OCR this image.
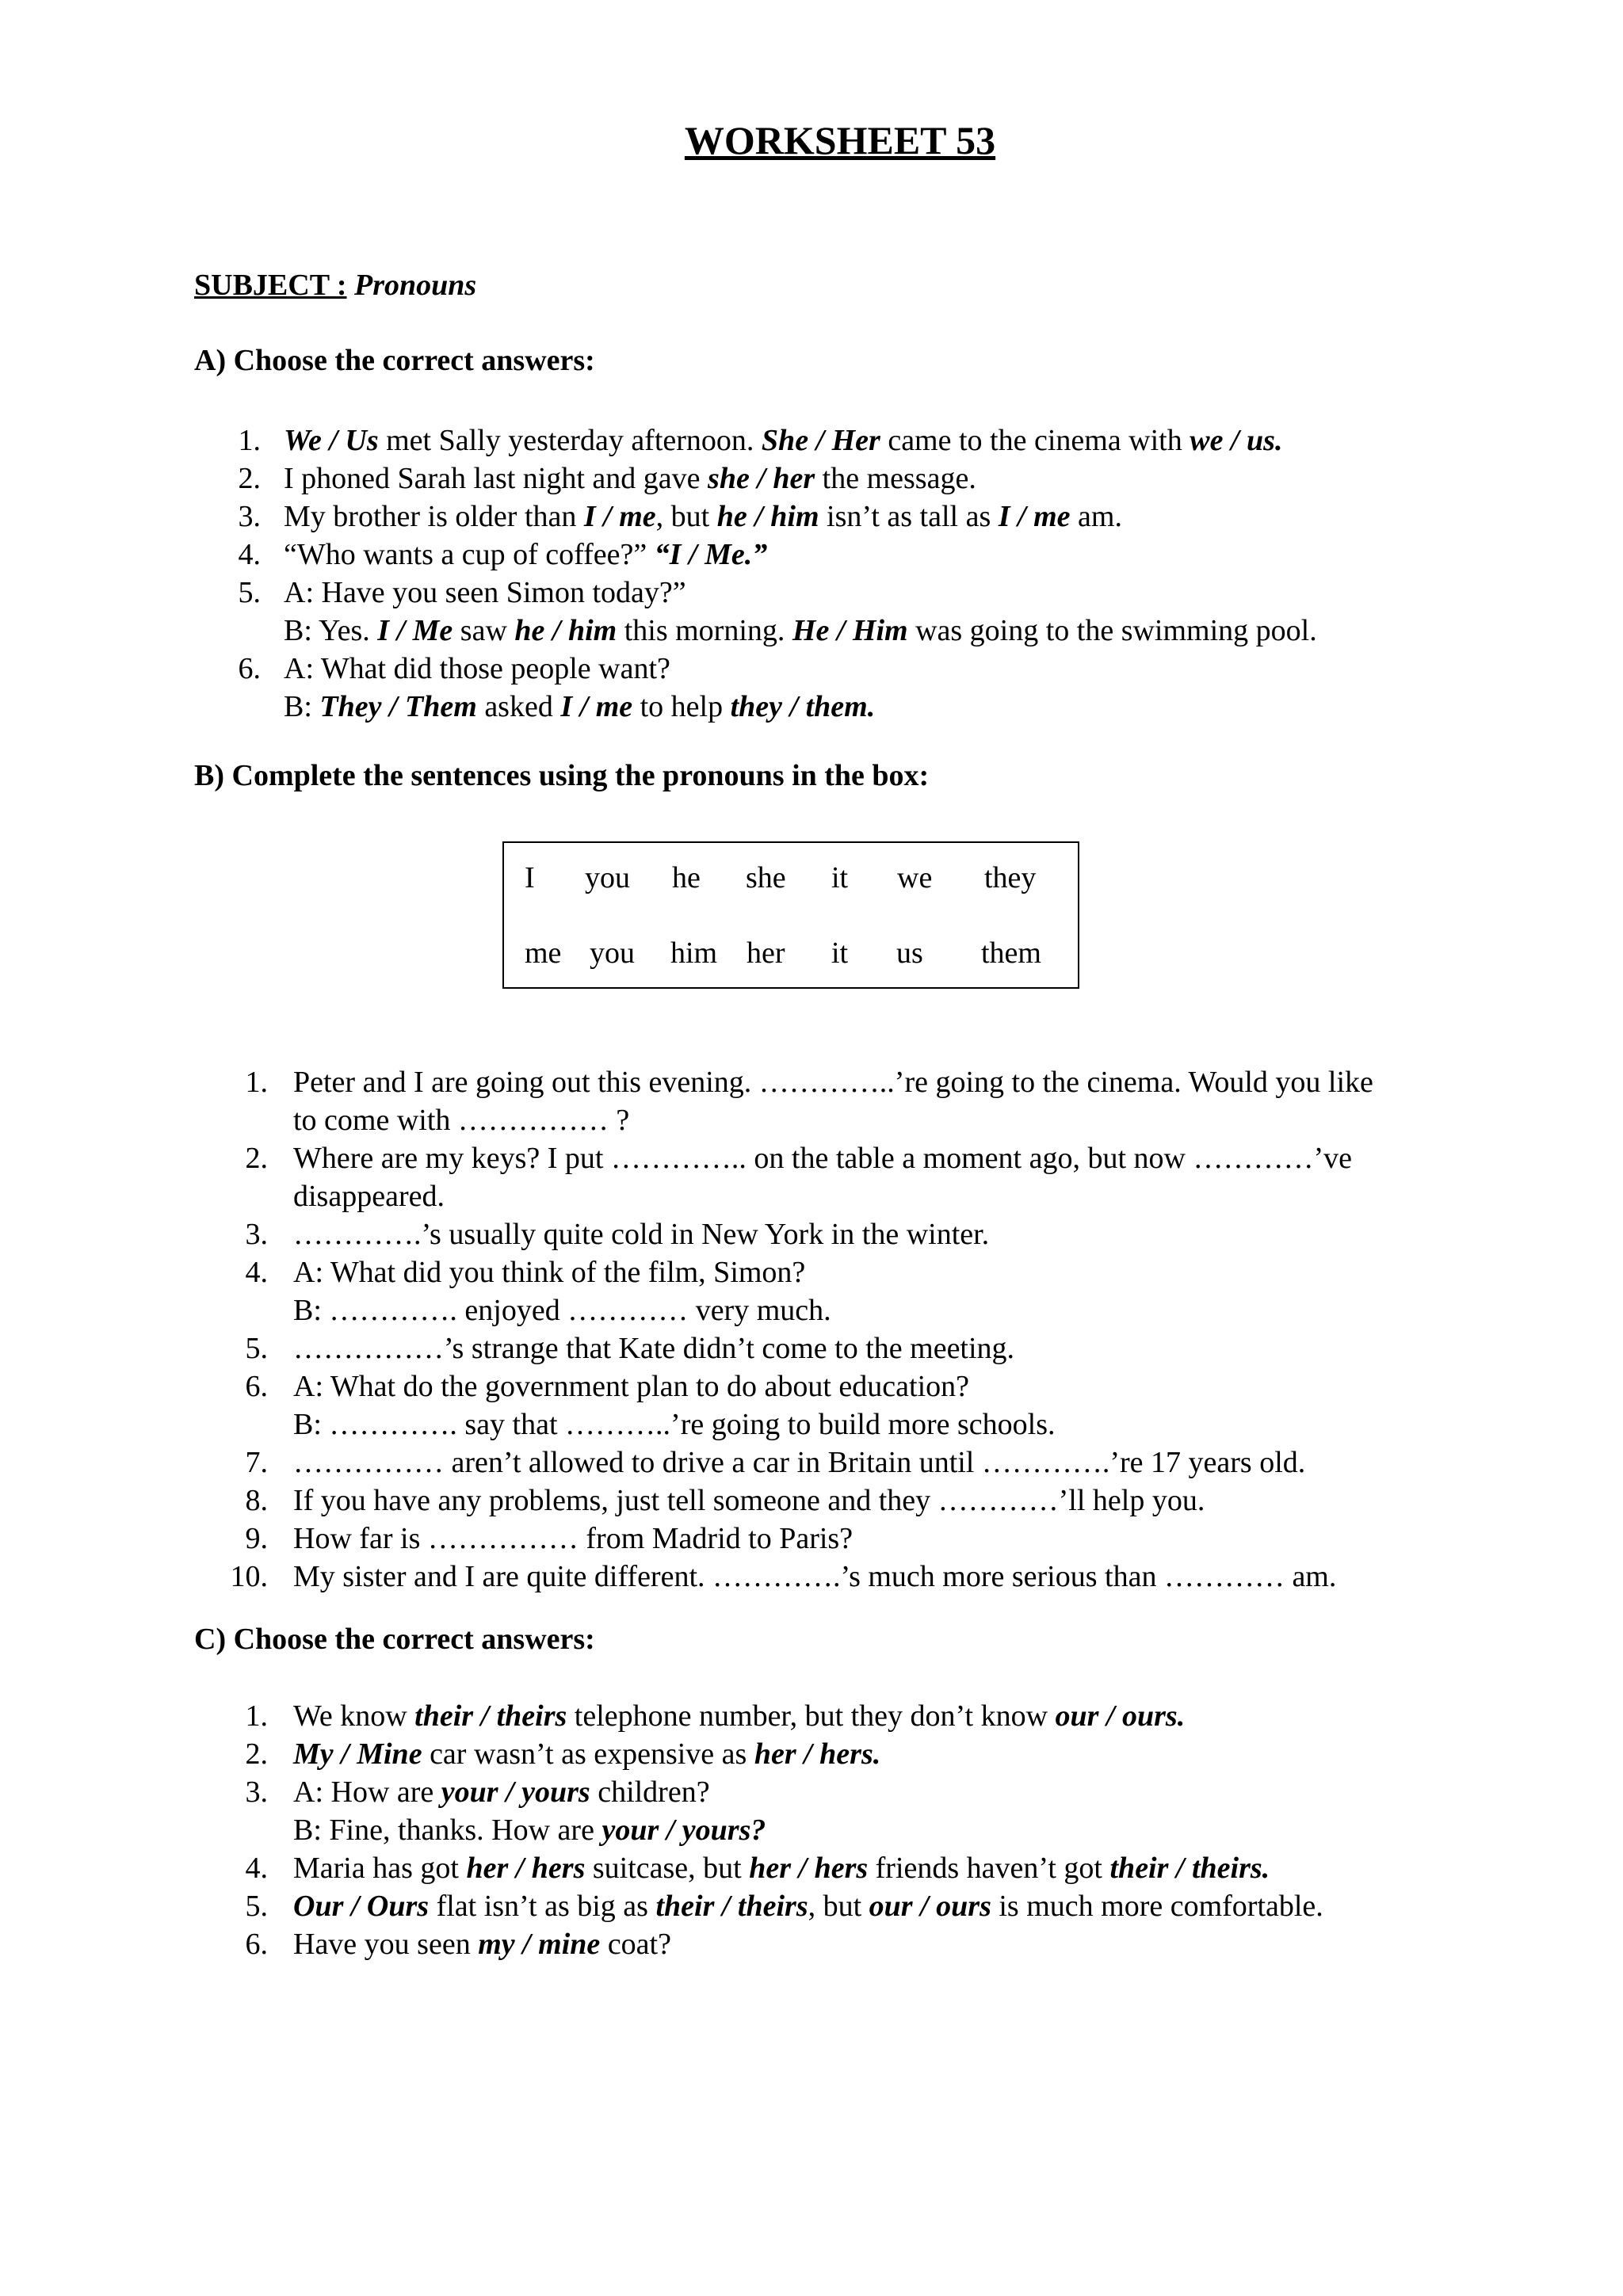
WORKSHEET 53
SUBJECT : Pronouns
A) Choose the correct answers:
1. We / Us met Sally yesterday afternoon. She / Her came to the cinema with we / us.
2. I phoned Sarah last night and gave she / her the message.
3. My brother is older than I / me, but he / him isn’t as tall as I / me am.
4. “Who wants a cup of coffee?” “I / Me.”
5. A: Have you seen Simon today?”
B: Yes. I / Me saw he / him this morning. He / Him was going to the swimming pool.
6. A: What did those people want?
B: They / Them asked I / me to help they / them.
B) Complete the sentences using the pronouns in the box:
I you he she it we they
me you him her it us them
1. Peter and I are going out this evening. …………..’re going to the cinema. Would you like
to come with …………… ?
2. Where are my keys? I put ………….. on the table a moment ago, but now …………’ve
disappeared.
3. ………….’s usually quite cold in New York in the winter.
4. A: What did you think of the film, Simon?
B: …………. enjoyed ………… very much.
5. ……………’s strange that Kate didn’t come to the meeting.
6. A: What do the government plan to do about education?
B: …………. say that ………..’re going to build more schools.
7. …………… aren’t allowed to drive a car in Britain until ………….’re 17 years old.
8. If you have any problems, just tell someone and they …………’ll help you.
9. How far is …………… from Madrid to Paris?
10. My sister and I are quite different. ………….’s much more serious than ………… am.
C) Choose the correct answers:
1. We know their / theirs telephone number, but they don’t know our / ours.
2. My / Mine car wasn’t as expensive as her / hers.
3. A: How are your / yours children?
B: Fine, thanks. How are your / yours?
4. Maria has got her / hers suitcase, but her / hers friends haven’t got their / theirs.
5. Our / Ours flat isn’t as big as their / theirs, but our / ours is much more comfortable.
6. Have you seen my / mine coat?
